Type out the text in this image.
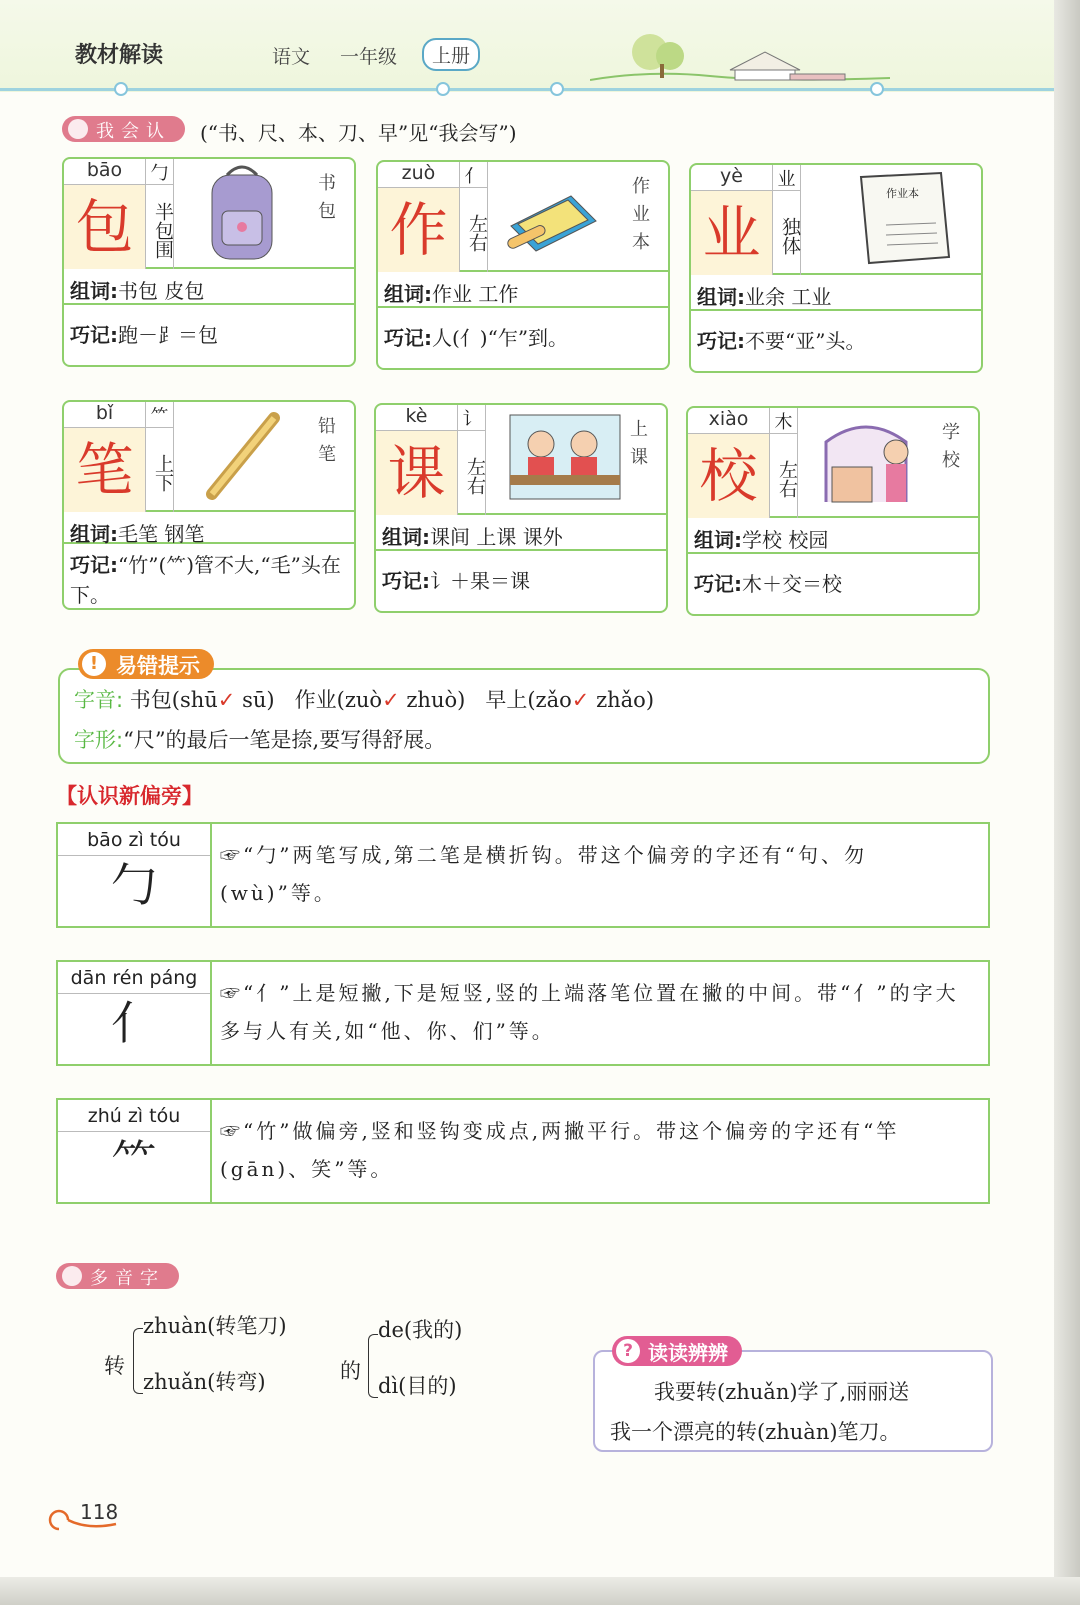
教材解读	语文 一年级	上册
我会认	(“书、尺、本、刀、早”见“我会写”)
bāo
包
勹
半包围
书包
组词:书包 皮包
巧记:跑－⻊＝包
zuò
作
亻
左右	作业本
组词:作业 工作
巧记:人(亻)“乍”到。
yè
业
业
独体
作业本
组词:业余 工业
巧记:不要“亚”头。
bǐ
笔
⺮
上下
铅笔
组词:毛笔 钢笔
巧记:“竹”(⺮)管不大,“毛”头在下。
kè
课
讠
左右
上课
组词:课间 上课 课外
巧记:讠＋果＝课
xiào
校
木
左右
学校
组词:学校 校园
巧记:木＋交＝校
字音: 书包(shū✓ sū) 作业(zuò✓ zhuò) 早上(zǎo✓ zhǎo)
字形:“尺”的最后一笔是捺,要写得舒展。
! 易错提示
【认识新偏旁】
bāo zì tóu
勹
☞“勹”两笔写成,第二笔是横折钩。带这个偏旁的字还有“句、勿(wù)”等。
dān rén páng
亻
☞“亻”上是短撇,下是短竖,竖的上端落笔位置在撇的中间。带“亻”的字大多与人有关,如“他、你、们”等。
zhú zì tóu
⺮
☞“竹”做偏旁,竖和竖钩变成点,两撇平行。带这个偏旁的字还有“竿(gān)、笑”等。
多音字
转
zhuàn(转笔刀)
zhuǎn(转弯)	的
de(我的)
dì(目的)
? 读读辨辨
我要转(zhuǎn)学了,丽丽送
我一个漂亮的转(zhuàn)笔刀。
118
